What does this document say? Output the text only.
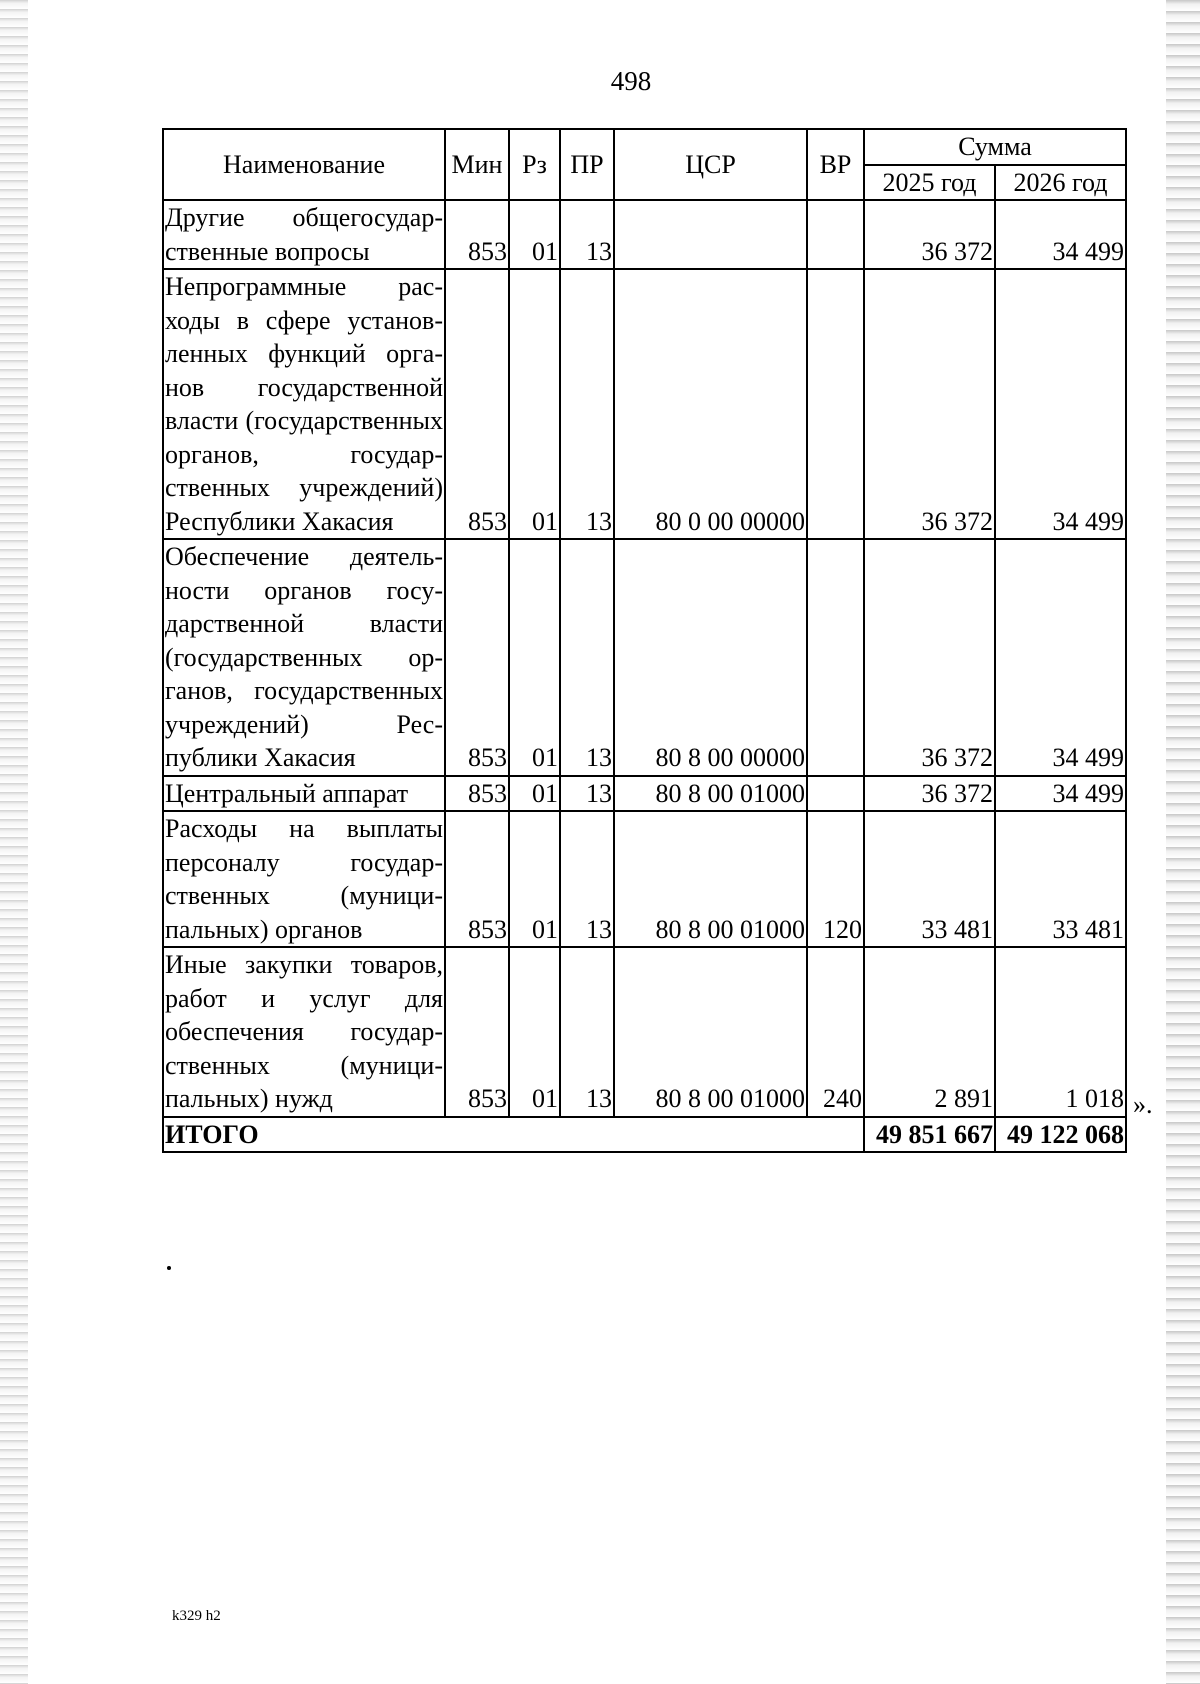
498
Наименование	Мин	Рз	ПР	ЦСР	ВР	Сумма	
						2025 год	2026 год
Другие общегосударственные вопросы	853	01	13			36 372	34 499
Непрограммные расходы в сфере установленных функций органов государственной власти (государственных органов, государственных учреждений) Республики Хакасия	853	01	13	80 0 00 00000		36 372	34 499
Обеспечение деятельности органов государственной власти (государственных органов, государственных учреждений) Республики Хакасия	853	01	13	80 8 00 00000		36 372	34 499
Центральный аппарат	853	01	13	80 8 00 01000		36 372	34 499
Расходы на выплаты персоналу государственных (муниципальных) органов	853	01	13	80 8 00 01000	120	33 481	33 481
Иные закупки товаров, работ и услуг для обеспечения государственных (муниципальных) нужд	853	01	13	80 8 00 01000	240	2 891	1 018
ИТОГО						49 851 667	49 122 068
».
k329 h2
